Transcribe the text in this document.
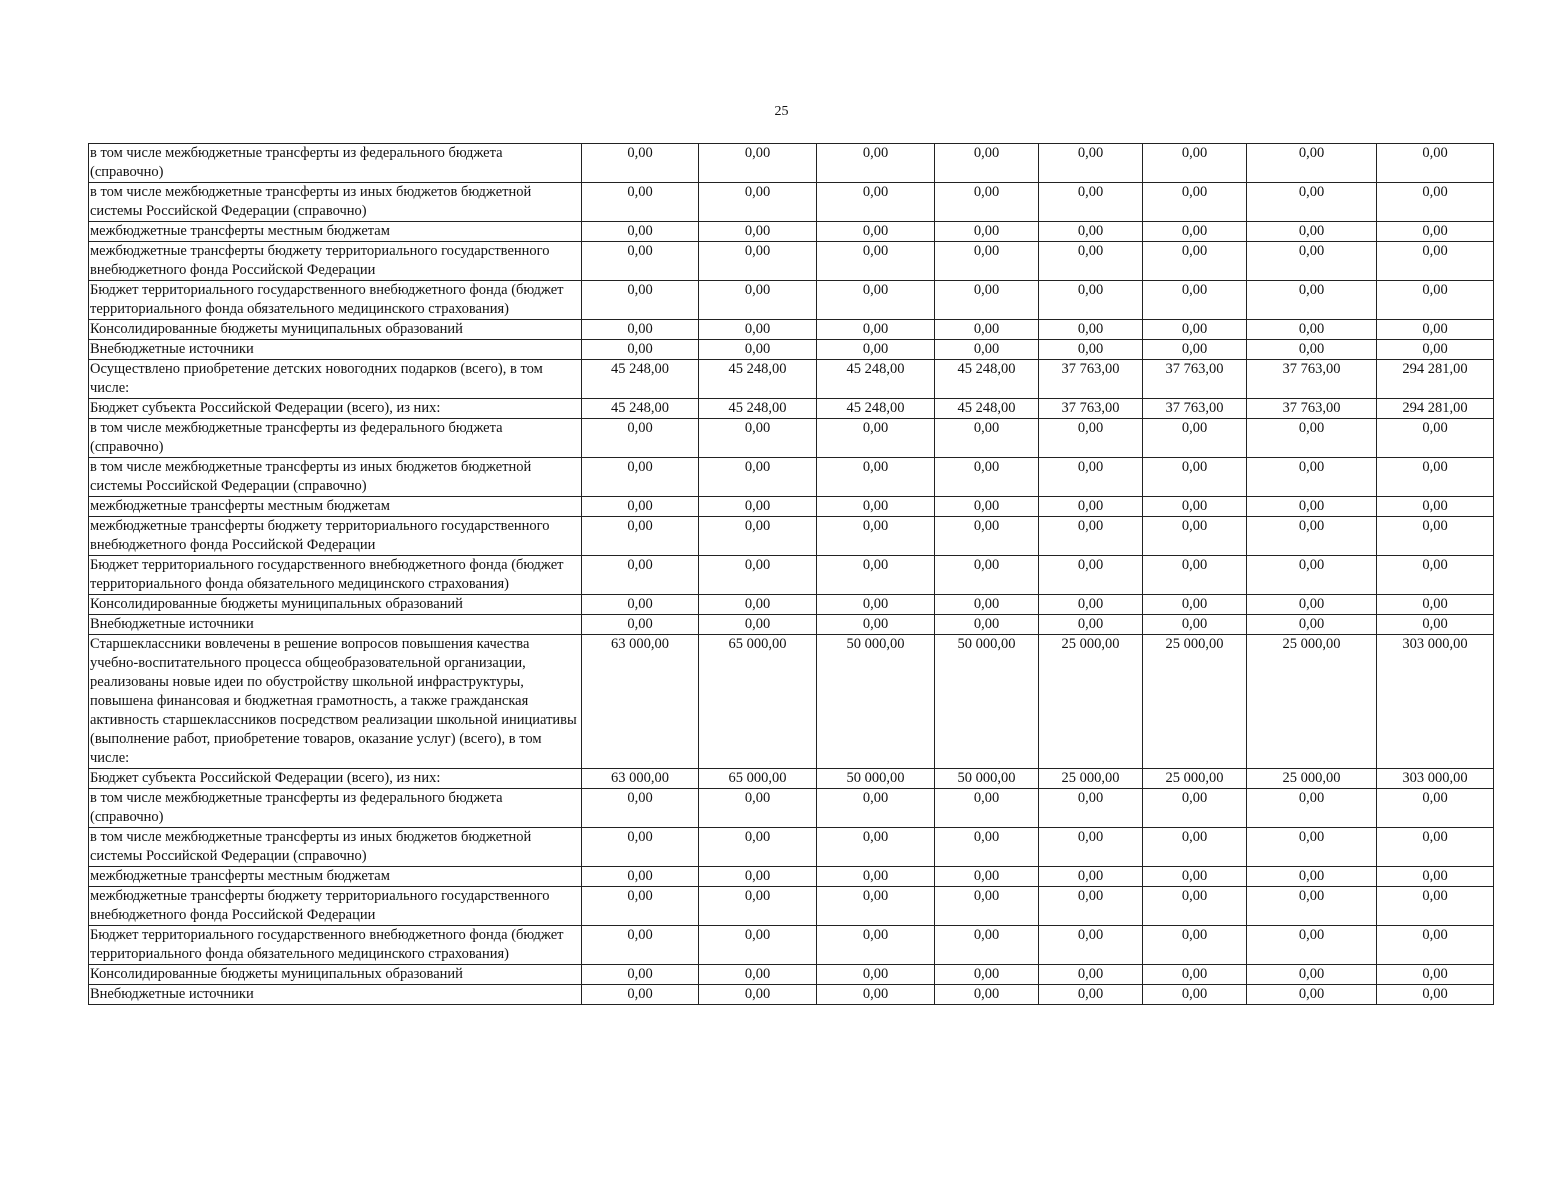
25
в том числе межбюджетные трансферты из федерального бюджета (справочно)	0,00	0,00	0,00	0,00	0,00	0,00	0,00	0,00
в том числе межбюджетные трансферты из иных бюджетов бюджетной системы Российской Федерации (справочно)	0,00	0,00	0,00	0,00	0,00	0,00	0,00	0,00
межбюджетные трансферты местным бюджетам	0,00	0,00	0,00	0,00	0,00	0,00	0,00	0,00
межбюджетные трансферты бюджету территориального государственного внебюджетного фонда Российской Федерации	0,00	0,00	0,00	0,00	0,00	0,00	0,00	0,00
Бюджет территориального государственного внебюджетного фонда (бюджет территориального фонда обязательного медицинского страхования)	0,00	0,00	0,00	0,00	0,00	0,00	0,00	0,00
Консолидированные бюджеты муниципальных образований	0,00	0,00	0,00	0,00	0,00	0,00	0,00	0,00
Внебюджетные источники	0,00	0,00	0,00	0,00	0,00	0,00	0,00	0,00
Осуществлено приобретение детских новогодних подарков (всего), в том числе:	45 248,00	45 248,00	45 248,00	45 248,00	37 763,00	37 763,00	37 763,00	294 281,00
Бюджет субъекта Российской Федерации (всего), из них:	45 248,00	45 248,00	45 248,00	45 248,00	37 763,00	37 763,00	37 763,00	294 281,00
в том числе межбюджетные трансферты из федерального бюджета (справочно)	0,00	0,00	0,00	0,00	0,00	0,00	0,00	0,00
в том числе межбюджетные трансферты из иных бюджетов бюджетной системы Российской Федерации (справочно)	0,00	0,00	0,00	0,00	0,00	0,00	0,00	0,00
межбюджетные трансферты местным бюджетам	0,00	0,00	0,00	0,00	0,00	0,00	0,00	0,00
межбюджетные трансферты бюджету территориального государственного внебюджетного фонда Российской Федерации	0,00	0,00	0,00	0,00	0,00	0,00	0,00	0,00
Бюджет территориального государственного внебюджетного фонда (бюджет территориального фонда обязательного медицинского страхования)	0,00	0,00	0,00	0,00	0,00	0,00	0,00	0,00
Консолидированные бюджеты муниципальных образований	0,00	0,00	0,00	0,00	0,00	0,00	0,00	0,00
Внебюджетные источники	0,00	0,00	0,00	0,00	0,00	0,00	0,00	0,00
Старшеклассники вовлечены в решение вопросов повышения качества учебно-воспитательного процесса общеобразовательной организации, реализованы новые идеи по обустройству школьной инфраструктуры, повышена финансовая и бюджетная грамотность, а также гражданская активность старшеклассников посредством реализации школьной инициативы (выполнение работ, приобретение товаров, оказание услуг) (всего), в том числе:	63 000,00	65 000,00	50 000,00	50 000,00	25 000,00	25 000,00	25 000,00	303 000,00
Бюджет субъекта Российской Федерации (всего), из них:	63 000,00	65 000,00	50 000,00	50 000,00	25 000,00	25 000,00	25 000,00	303 000,00
в том числе межбюджетные трансферты из федерального бюджета (справочно)	0,00	0,00	0,00	0,00	0,00	0,00	0,00	0,00
в том числе межбюджетные трансферты из иных бюджетов бюджетной системы Российской Федерации (справочно)	0,00	0,00	0,00	0,00	0,00	0,00	0,00	0,00
межбюджетные трансферты местным бюджетам	0,00	0,00	0,00	0,00	0,00	0,00	0,00	0,00
межбюджетные трансферты бюджету территориального государственного внебюджетного фонда Российской Федерации	0,00	0,00	0,00	0,00	0,00	0,00	0,00	0,00
Бюджет территориального государственного внебюджетного фонда (бюджет территориального фонда обязательного медицинского страхования)	0,00	0,00	0,00	0,00	0,00	0,00	0,00	0,00
Консолидированные бюджеты муниципальных образований	0,00	0,00	0,00	0,00	0,00	0,00	0,00	0,00
Внебюджетные источники	0,00	0,00	0,00	0,00	0,00	0,00	0,00	0,00
